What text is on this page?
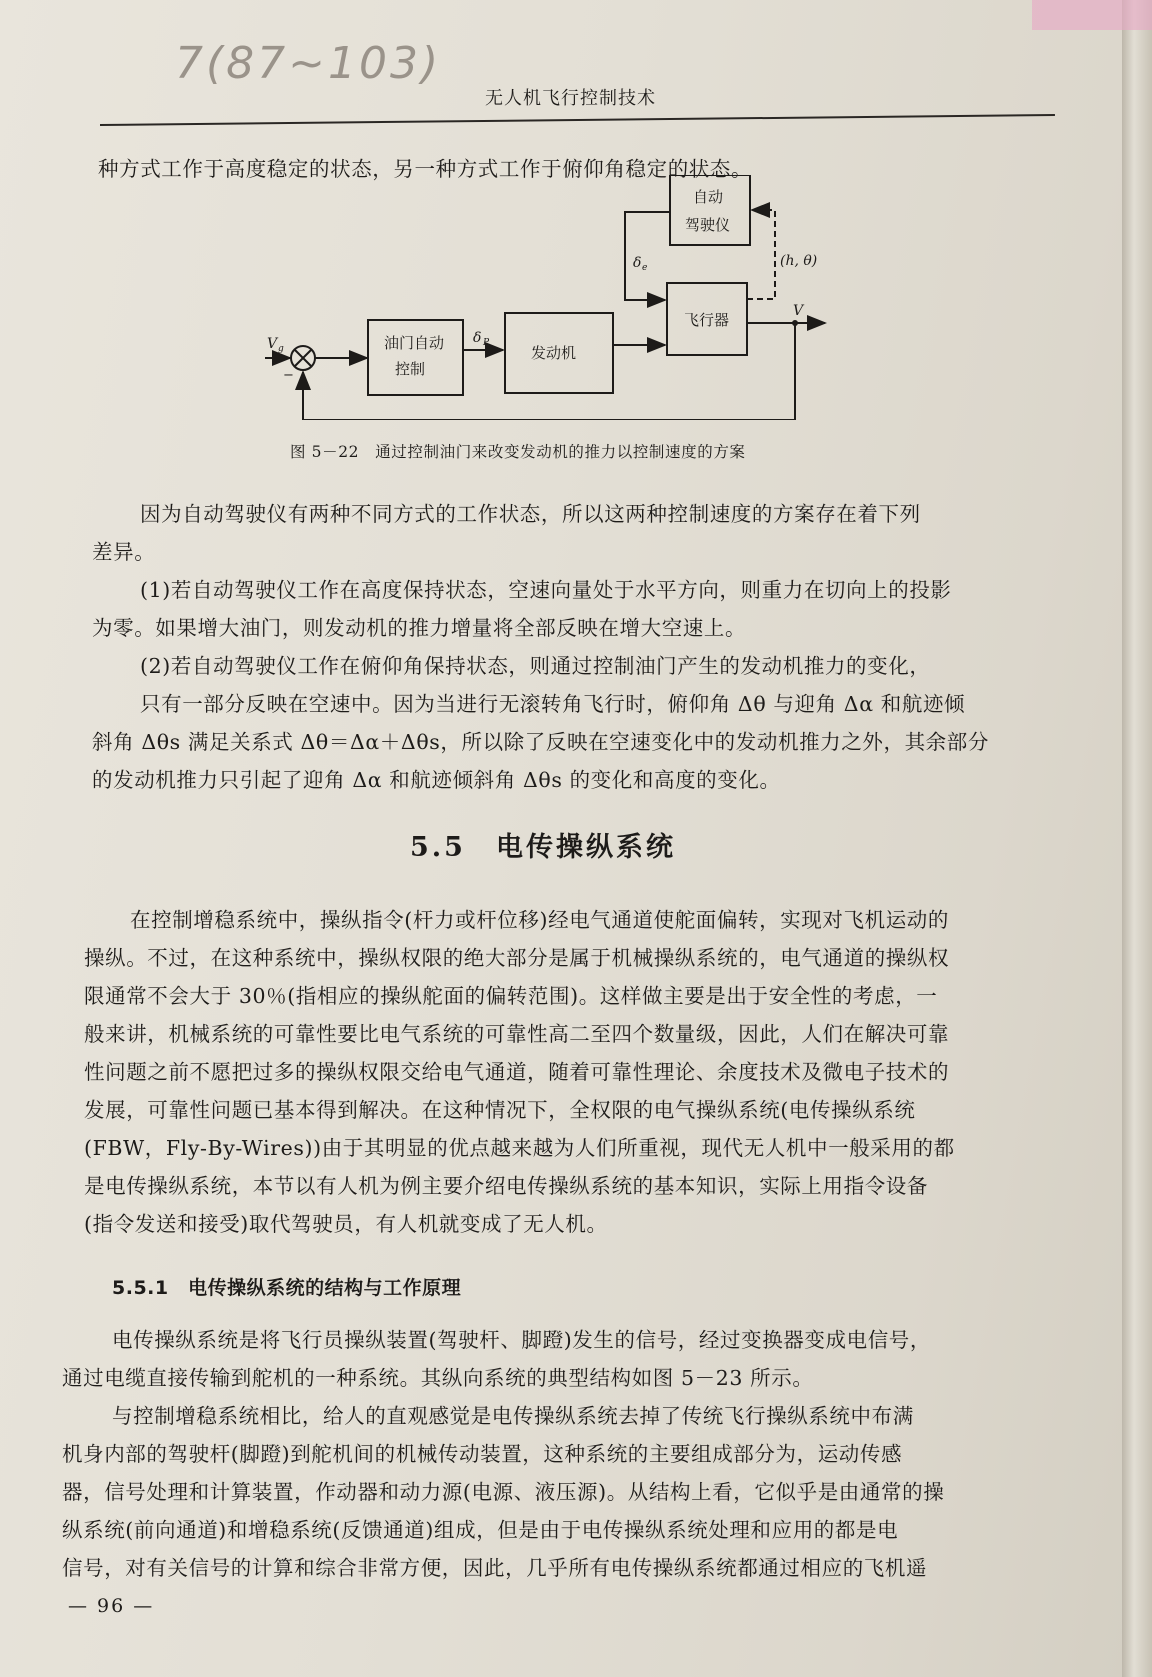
7(87~103)
无人机飞行控制技术
种方式工作于高度稳定的状态，另一种方式工作于俯仰角稳定的状态。
V g
−
油门自动
控制
δ P
发动机
δ e
自动
驾驶仪
飞行器	V
(h, θ)
图 5－22　通过控制油门来改变发动机的推力以控制速度的方案
因为自动驾驶仪有两种不同方式的工作状态，所以这两种控制速度的方案存在着下列
差异。
(1)若自动驾驶仪工作在高度保持状态，空速向量处于水平方向，则重力在切向上的投影
为零。如果增大油门，则发动机的推力增量将全部反映在增大空速上。
(2)若自动驾驶仪工作在俯仰角保持状态，则通过控制油门产生的发动机推力的变化，
只有一部分反映在空速中。因为当进行无滚转角飞行时，俯仰角 Δθ 与迎角 Δα 和航迹倾
斜角 Δθs 满足关系式 Δθ＝Δα＋Δθs，所以除了反映在空速变化中的发动机推力之外，其余部分
的发动机推力只引起了迎角 Δα 和航迹倾斜角 Δθs 的变化和高度的变化。
5.5　电传操纵系统
在控制增稳系统中，操纵指令(杆力或杆位移)经电气通道使舵面偏转，实现对飞机运动的
操纵。不过，在这种系统中，操纵权限的绝大部分是属于机械操纵系统的，电气通道的操纵权
限通常不会大于 30％(指相应的操纵舵面的偏转范围)。这样做主要是出于安全性的考虑，一
般来讲，机械系统的可靠性要比电气系统的可靠性高二至四个数量级，因此，人们在解决可靠
性问题之前不愿把过多的操纵权限交给电气通道，随着可靠性理论、余度技术及微电子技术的
发展，可靠性问题已基本得到解决。在这种情况下，全权限的电气操纵系统(电传操纵系统
(FBW，Fly-By-Wires))由于其明显的优点越来越为人们所重视，现代无人机中一般采用的都
是电传操纵系统，本节以有人机为例主要介绍电传操纵系统的基本知识，实际上用指令设备
(指令发送和接受)取代驾驶员，有人机就变成了无人机。
5.5.1　电传操纵系统的结构与工作原理
电传操纵系统是将飞行员操纵装置(驾驶杆、脚蹬)发生的信号，经过变换器变成电信号，
通过电缆直接传输到舵机的一种系统。其纵向系统的典型结构如图 5－23 所示。
与控制增稳系统相比，给人的直观感觉是电传操纵系统去掉了传统飞行操纵系统中布满
机身内部的驾驶杆(脚蹬)到舵机间的机械传动装置，这种系统的主要组成部分为，运动传感
器，信号处理和计算装置，作动器和动力源(电源、液压源)。从结构上看，它似乎是由通常的操
纵系统(前向通道)和增稳系统(反馈通道)组成，但是由于电传操纵系统处理和应用的都是电
信号，对有关信号的计算和综合非常方便，因此，几乎所有电传操纵系统都通过相应的飞机遥
— 96 —
